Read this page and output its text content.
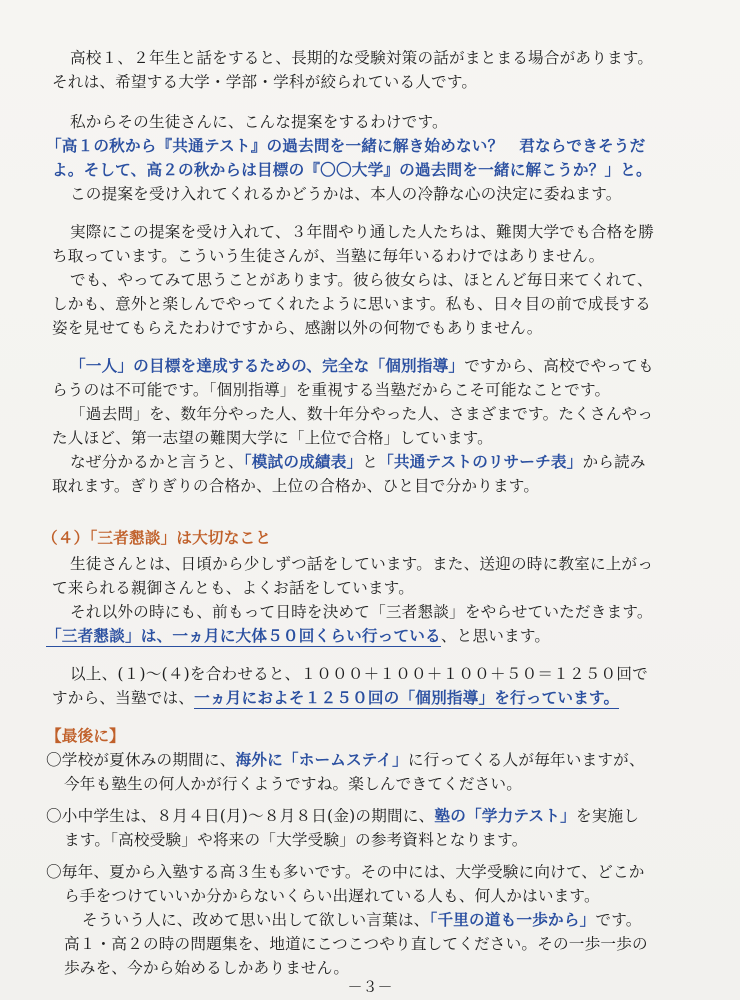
高校１、２年生と話をすると、長期的な受験対策の話がまとまる場合があります。
それは、希望する大学・学部・学科が絞られている人です。
私からその生徒さんに、こんな提案をするわけです。
「高１の秋から『共通テスト』の過去問を一緒に解き始めない？　君ならできそうだ
よ。そして、高２の秋からは目標の『〇〇大学』の過去問を一緒に解こうか？」と。
この提案を受け入れてくれるかどうかは、本人の冷静な心の決定に委ねます。
実際にこの提案を受け入れて、３年間やり通した人たちは、難関大学でも合格を勝
ち取っています。こういう生徒さんが、当塾に毎年いるわけではありません。
でも、やってみて思うことがあります。彼ら彼女らは、ほとんど毎日来てくれて、
しかも、意外と楽しんでやってくれたように思います。私も、日々目の前で成長する
姿を見せてもらえたわけですから、感謝以外の何物でもありません。
「一人」の目標を達成するための、完全な「個別指導」ですから、高校でやっても
らうのは不可能です。「個別指導」を重視する当塾だからこそ可能なことです。
「過去問」を、数年分やった人、数十年分やった人、さまざまです。たくさんやっ
た人ほど、第一志望の難関大学に「上位で合格」しています。
なぜ分かるかと言うと、「模試の成績表」と「共通テストのリサーチ表」から読み
取れます。ぎりぎりの合格か、上位の合格か、ひと目で分かります。
（４）「三者懇談」は大切なこと
生徒さんとは、日頃から少しずつ話をしています。また、送迎の時に教室に上がっ
て来られる親御さんとも、よくお話をしています。
それ以外の時にも、前もって日時を決めて「三者懇談」をやらせていただきます。
「三者懇談」は、一ヵ月に大体５０回くらい行っている、と思います。
以上、(１)～(４)を合わせると、１０００＋１００＋１００＋５０＝１２５０回で
すから、当塾では、一ヵ月におよそ１２５０回の「個別指導」を行っています。
【最後に】
〇学校が夏休みの期間に、海外に「ホームステイ」に行ってくる人が毎年いますが、
今年も塾生の何人かが行くようですね。楽しんできてください。
〇小中学生は、８月４日(月)～８月８日(金)の期間に、塾の「学力テスト」を実施し
ます。「高校受験」や将来の「大学受験」の参考資料となります。
〇毎年、夏から入塾する高３生も多いです。その中には、大学受験に向けて、どこか
ら手をつけていいか分からないくらい出遅れている人も、何人かはいます。
そういう人に、改めて思い出して欲しい言葉は、「千里の道も一歩から」です。
高１・高２の時の問題集を、地道にこつこつやり直してください。その一歩一歩の
歩みを、今から始めるしかありません。
－３－
